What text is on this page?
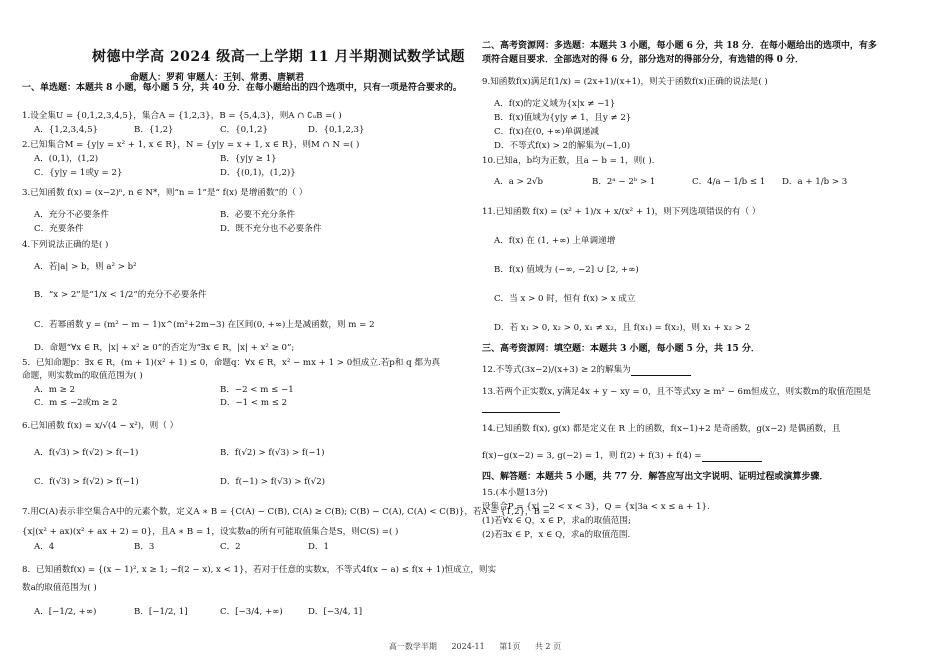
树德中学高 2024 级高一上学期 11 月半期测试数学试题
命题人：罗莉 审题人：王钊、常勇、唐颖君
一、单选题：本题共 8 小题，每小题 5 分，共 40 分．在每小题给出的四个选项中，只有一项是符合要求的。
1.设全集U = {0,1,2,3,4,5}，集合A = {1,2,3}，B = {5,4,3}，则A ∩ ∁ᵤB =( )
A．{1,2,3,4,5}	B．{1,2}	C．{0,1,2}	D．{0,1,2,3}
2.已知集合M = {y|y = x² + 1, x ∈ R}，N = {y|y = x + 1, x ∈ R}，则M ∩ N =( )
A．(0,1)，(1,2)	B．{y|y ≥ 1}
C．{y|y = 1或y = 2}	D．{(0,1)，(1,2)}
3.已知函数 f(x) = (x−2)ⁿ, n ∈ N*，则“n = 1”是“ f(x) 是增函数”的（ ）
A．充分不必要条件	B．必要不充分条件
C．充要条件	D．既不充分也不必要条件
4.下列说法正确的是( )
A．若|a| > b，则 a² > b²
B．“x > 2”是“1/x < 1/2”的充分不必要条件
C．若幂函数 y = (m² − m − 1)x^(m²+2m−3) 在区间(0, +∞)上是减函数，则 m = 2
D．命题“∀x ∈ R，|x| + x² ≥ 0”的否定为“∃x ∈ R，|x| + x² ≥ 0”;
5．已知命题p：∃x ∈ R，(m + 1)(x² + 1) ≤ 0，命题q：∀x ∈ R，x² − mx + 1 > 0恒成立.若p和 q 都为真
命题，则实数m的取值范围为( )
A．m ≥ 2	B．−2 < m ≤ −1
C．m ≤ −2或m ≥ 2	D．−1 < m ≤ 2
6.已知函数 f(x) = x/√(4 − x²)，则（ ）
A．f(√3) > f(√2) > f(−1)	B．f(√2) > f(√3) > f(−1)
C．f(√3) > f(√2) > f(−1)	D．f(−1) > f(√3) > f(√2)
7.用C(A)表示非空集合A中的元素个数，定义A ∗ B = {C(A) − C(B), C(A) ≥ C(B); C(B) − C(A), C(A) < C(B)}，若A = {1,2}，B =
{x|(x² + ax)(x² + ax + 2) = 0}，且A ∗ B = 1，设实数a的所有可能取值集合是S，则C(S) =( )
A．4	B．3	C．2	D．1
8．已知函数f(x) = {(x − 1)², x ≥ 1; −f(2 − x), x < 1}，若对于任意的实数x，不等式4f(x − a) ≤ f(x + 1)恒成立，则实
数a的取值范围为( )
A．[−1/2, +∞)	B．[−1/2, 1]	C．[−3/4, +∞)	D．[−3/4, 1]
二、高考资源网：多选题：本题共 3 小题，每小题 6 分，共 18 分．在每小题给出的选项中，有多
项符合题目要求．全部选对的得 6 分，部分选对的得部分分，有选错的得 0 分．
9.知函数f(x)满足f(1/x) = (2x+1)/(x+1)，则关于函数f(x)正确的说法是( )
A．f(x)的定义域为{x|x ≠ −1}
B．f(x)值域为{y|y ≠ 1，且y ≠ 2}
C．f(x)在(0, +∞)单调递减
D．不等式f(x) > 2的解集为(−1,0)
10.已知a，b均为正数，且a − b = 1，则( ).
A．a > 2√b	B．2ᵃ − 2ᵇ > 1	C．4/a − 1/b ≤ 1 D．a + 1/b > 3
11.已知函数 f(x) = (x² + 1)/x + x/(x² + 1)，则下列选项错误的有（ ）
A．f(x) 在 (1, +∞) 上单调递增
B．f(x) 值域为 (−∞, −2] ∪ [2, +∞)
C．当 x > 0 时，恒有 f(x) > x 成立
D．若 x₁ > 0, x₂ > 0, x₁ ≠ x₂，且 f(x₁) = f(x₂)，则 x₁ + x₂ > 2
三、高考资源网：填空题：本题共 3 小题，每小题 5 分，共 15 分．
12.不等式(3x−2)/(x+3) ≥ 2的解集为
13.若两个正实数x, y满足4x + y − xy = 0，且不等式xy ≥ m² − 6m恒成立，则实数m的取值范围是
14.已知函数 f(x), g(x) 都是定义在 R 上的函数，f(x−1)+2 是奇函数，g(x−2) 是偶函数，且
f(x)−g(x−2) = 3, g(−2) = 1，则 f(2) + f(3) + f(4) =
四、解答题：本题共 5 小题，共 77 分．解答应写出文字说明、证明过程或演算步骤．
15.(本小题13分)
设集合P = {x| −2 < x < 3}，Q = {x|3a < x ≤ a + 1}.
(1)若∀x ∈ Q，x ∈ P，求a的取值范围;
(2)若∃x ∈ P，x ∈ Q，求a的取值范围.
高一数学半期 2024-11 第1页 共 2 页
